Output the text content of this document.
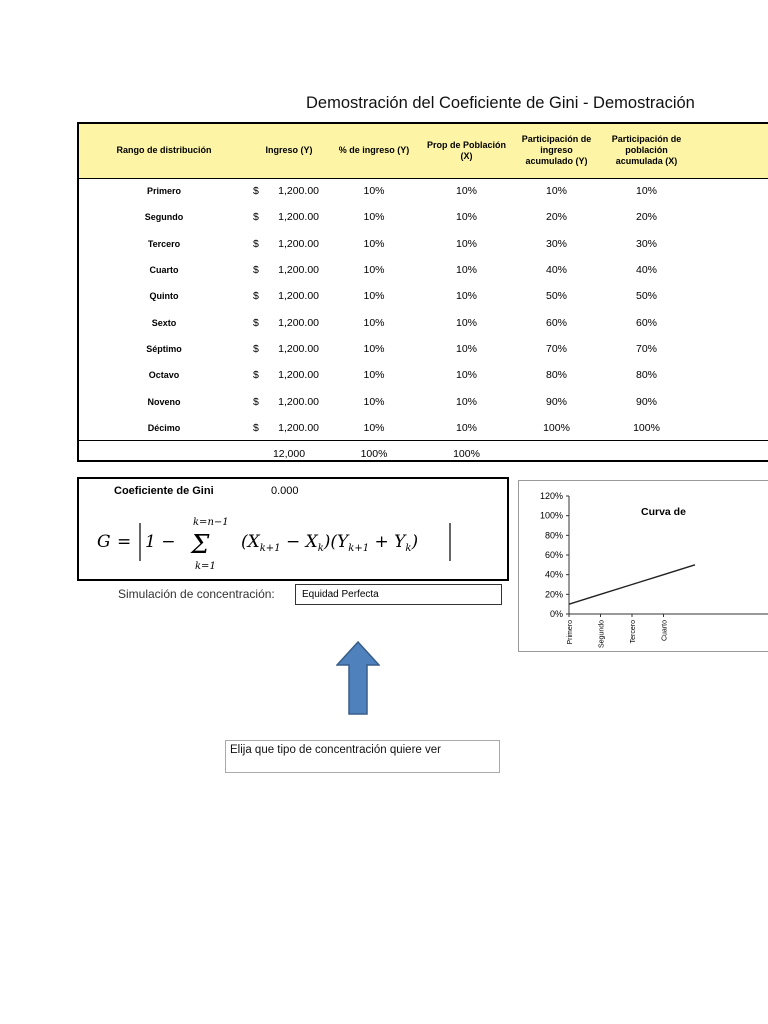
Demostración del Coeficiente de Gini - Demostración
Rango de distribución	Ingreso (Y)	% de ingreso (Y)	Prop de Población (X)	Participación de ingreso acumulado (Y)	Participación de población acumulada (X)	
Primero	$ 1,200.00	10%	10%	10%	10%	
Segundo	$ 1,200.00	10%	10%	20%	20%	
Tercero	$ 1,200.00	10%	10%	30%	30%	
Cuarto	$ 1,200.00	10%	10%	40%	40%	
Quinto	$ 1,200.00	10%	10%	50%	50%	
Sexto	$ 1,200.00	10%	10%	60%	60%	
Séptimo	$ 1,200.00	10%	10%	70%	70%	
Octavo	$ 1,200.00	10%	10%	80%	80%	
Noveno	$ 1,200.00	10%	10%	90%	90%	
Décimo	$ 1,200.00	10%	10%	100%	100%	
	12,000	100%	100%			
Coeficiente de Gini	0.000
G = 1 −
k=n−1
Σ
k=1
$(X_{k+1} - X_k)(Y_{k+1} + Y_k)$
Simulación de concentración:	Equidad Perfecta
Elija que tipo de concentración quiere ver
120%
100%
80%
60%
40%
20%
0%
Primero	Segundo	Tercero	Cuarto
Curva de
